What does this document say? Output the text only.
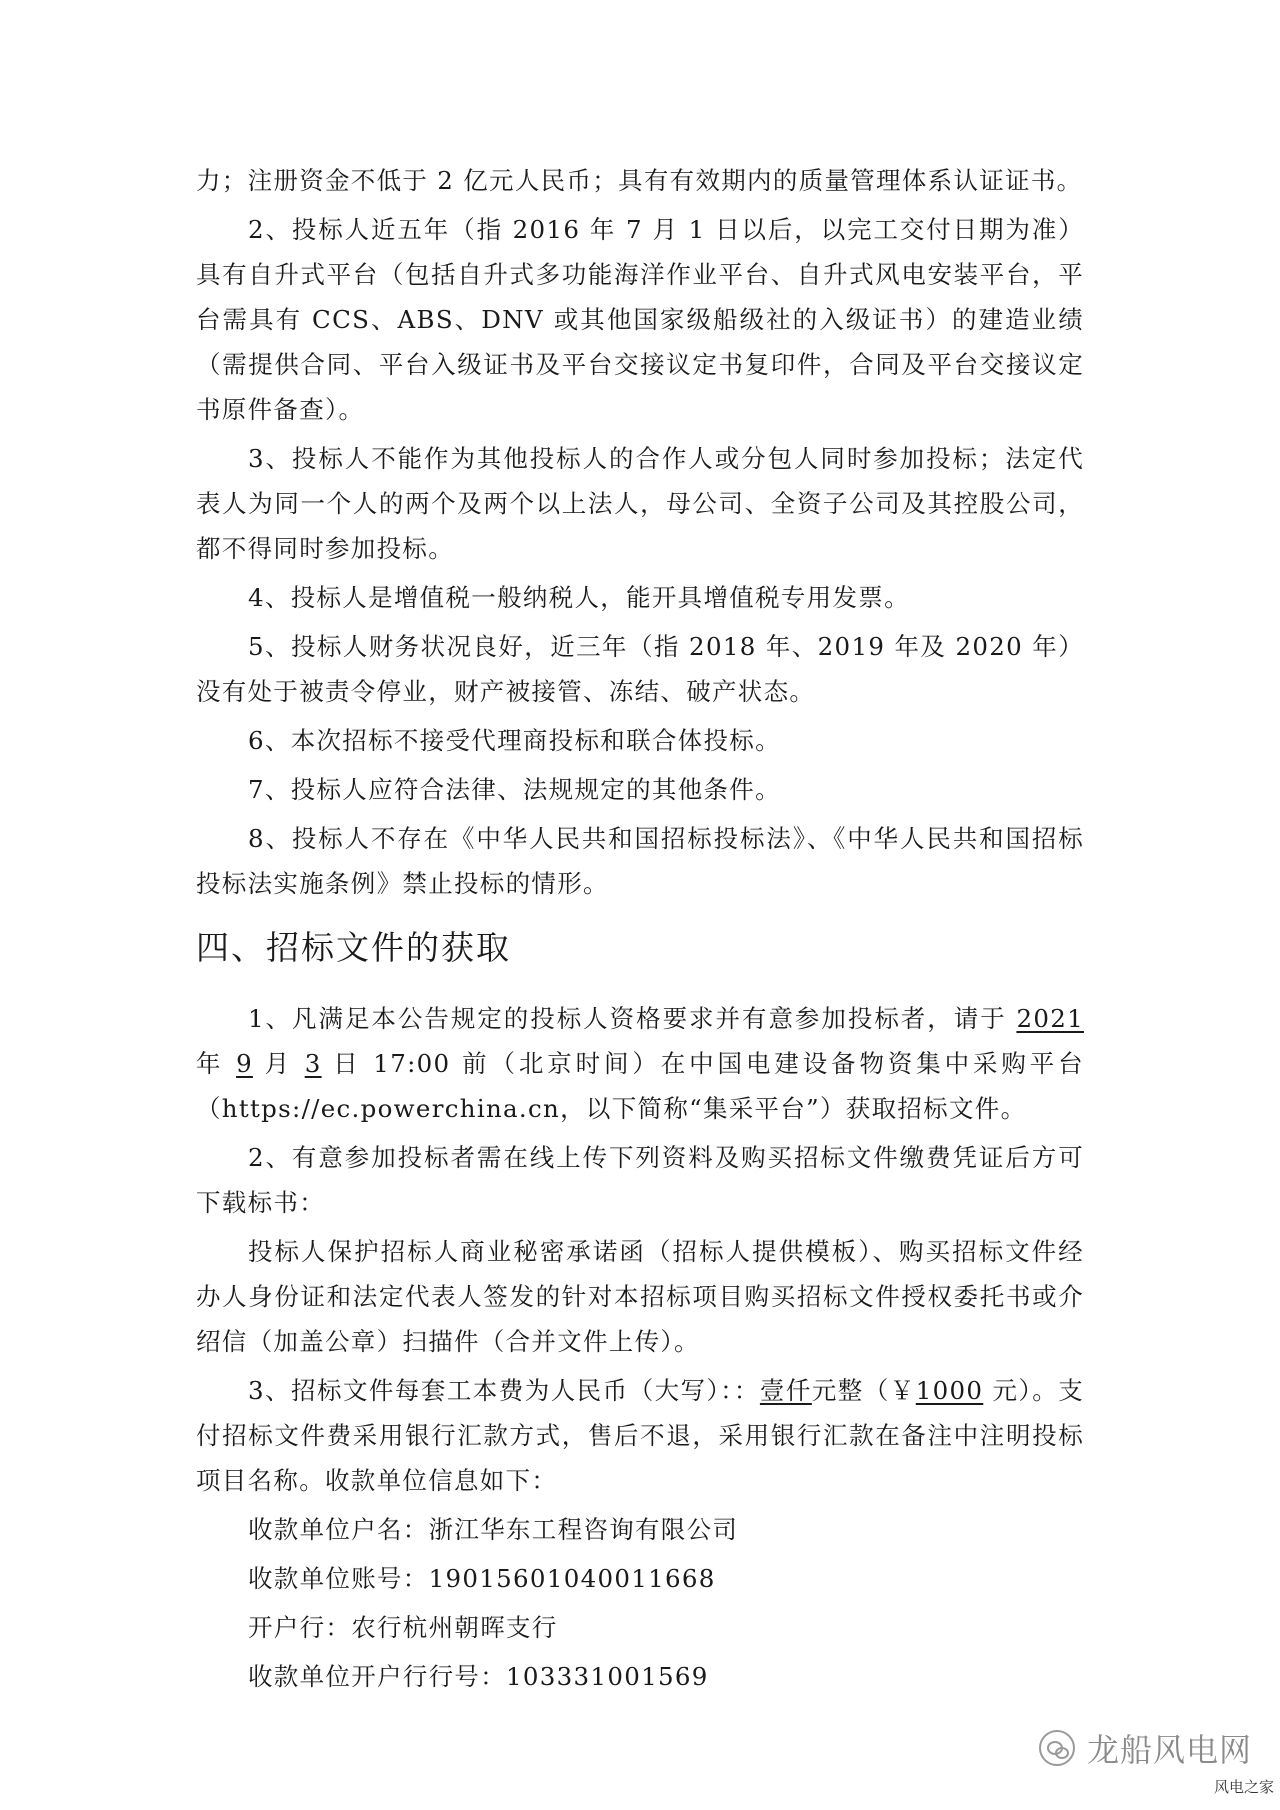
力；注册资金不低于 2 亿元人民币；具有有效期内的质量管理体系认证证书。

2、投标人近五年（指 2016 年 7 月 1 日以后，以完工交付日期为准）具有自升式平台（包括自升式多功能海洋作业平台、自升式风电安装平台，平台需具有 CCS、ABS、DNV 或其他国家级船级社的入级证书）的建造业绩（需提供合同、平台入级证书及平台交接议定书复印件，合同及平台交接议定书原件备查）。

3、投标人不能作为其他投标人的合作人或分包人同时参加投标；法定代表人为同一个人的两个及两个以上法人，母公司、全资子公司及其控股公司，都不得同时参加投标。

4、投标人是增值税一般纳税人，能开具增值税专用发票。

5、投标人财务状况良好，近三年（指 2018 年、2019 年及 2020 年）没有处于被责令停业，财产被接管、冻结、破产状态。

6、本次招标不接受代理商投标和联合体投标。

7、投标人应符合法律、法规规定的其他条件。

8、投标人不存在《中华人民共和国招标投标法》、《中华人民共和国招标投标法实施条例》禁止投标的情形。

四、招标文件的获取

1、凡满足本公告规定的投标人资格要求并有意参加投标者，请于 2021 年 9 月 3 日 17:00 前（北京时间）在中国电建设备物资集中采购平台（https://ec.powerchina.cn，以下简称“集采平台”）获取招标文件。

2、有意参加投标者需在线上传下列资料及购买招标文件缴费凭证后方可下载标书：

投标人保护招标人商业秘密承诺函（招标人提供模板）、购买招标文件经办人身份证和法定代表人签发的针对本招标项目购买招标文件授权委托书或介绍信（加盖公章）扫描件（合并文件上传）。

3、招标文件每套工本费为人民币（大写）：：壹仟元整（￥1000 元）。支付招标文件费采用银行汇款方式，售后不退，采用银行汇款在备注中注明投标项目名称。收款单位信息如下：

收款单位户名：浙江华东工程咨询有限公司

收款单位账号：19015601040011668

开户行：农行杭州朝晖支行

收款单位开户行行号：103331001569

龙船风电网
风电之家
